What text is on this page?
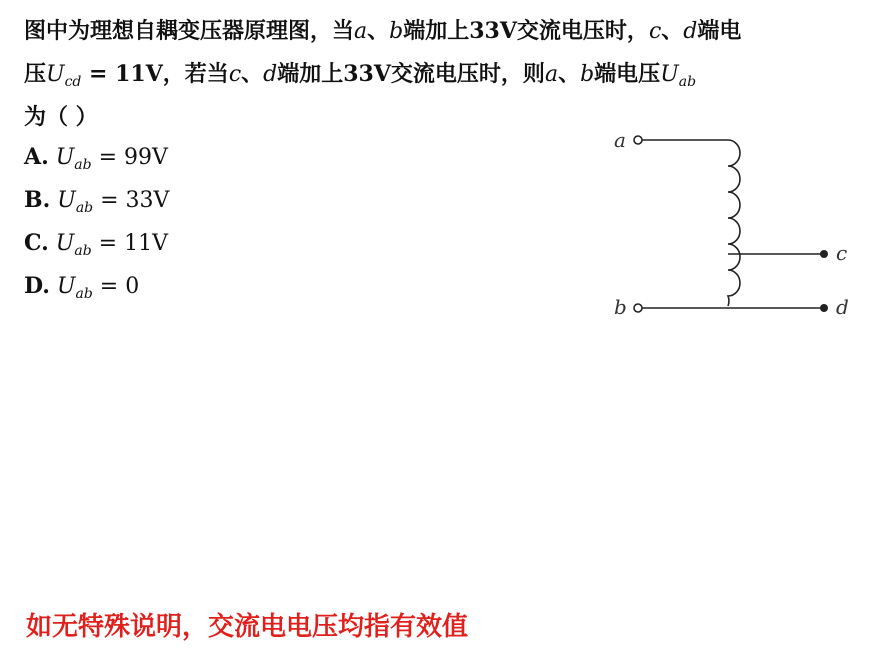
图中为理想自耦变压器原理图，当a、b端加上33V交流电压时，c、d端电
压$U_{cd} = 11V$，若当c、d端加上33V交流电压时，则a、b端电压$U_{ab}$
为（ ）
A. $U_{ab} = 99V$
B. $U_{ab} = 33V$
C. $U_{ab} = 11V$
D. $U_{ab} = 0$
a
c
b	d
如无特殊说明，交流电电压均指有效值
